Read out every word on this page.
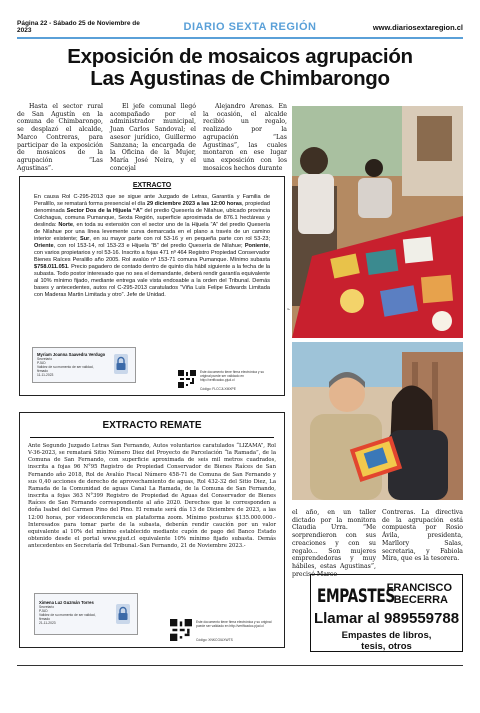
Página 22 - Sábado 25 de Noviembre de 2023	DIARIO SEXTA REGIÓN	www.diariosextaregion.cl
Exposición de mosaicos agrupación
Las Agustinas de Chimbarongo

Hasta el sector rural de San Agustín en la comuna de Chimbarongo, se desplazó el alcalde, Marco Contreras, para participar de la exposición de mosaicos de la agrupación “Las Agustinas”.

El jefe comunal llegó acompañado por el administrador municipal, Juan Carlos Sandoval; el asesor jurídico, Guillermo Sanzana; la encargada de la Oficina de la Mujer, María José Neira, y el concejal

Alejandro Arenas. En la ocasión, el alcalde recibió un regalo, realizado por la agrupación “Las Agustinas”, las cuales montaron en ese lugar una exposición con los mosaicos hechos durante

EXTRACTO
En causa Rol C-295-2013 que se sigue ante Juzgado de Letras, Garantía y Familia de Peralillo, se rematará forma presencial el día 29 diciembre 2023 a las 12:00 horas, propiedad denominada Sector Dos de la Hijuela “A” del predio Quesería de Nilahue, ubicado provincia Colchagua, comuna Pumanque, Sexta Región, superficie aproximada de 876.1 hectáreas y deslinda: Norte, en toda su extensión con el sector uno de la Hijuela “A” del predio Quesería de Nilahue por una línea levemente curva demarcada en el plano a través de un camino interior existente; Sur, en su mayor parte con rol 53-16 y en pequeña parte con rol 53-23; Oriente, con rol 153-14, rol 153-23 e Hijuela “B” del predio Quesería de Nilahue; Poniente, con varios propietarios y rol 53-16. Inscrito a fojas 471 nº 464 Registro Propiedad Conservador Bienes Raíces Peralillo año 2005. Rol avalúo nº 153-71 comuna Pumanque. Mínimo subasta $758.011.051. Precio pagadero de contado dentro de quinto día hábil siguiente a la fecha de la subasta. Todo postor interesado que no sea el demandante, deberá rendir garantía equivalente al 10% mínimo fijado, mediante entrega vale vista endosable a la orden del Tribunal. Demás bases y antecedentes, autos rol C-295-2013 caratulados “Viña Luis Felipe Edwards Limitada con Maderas Martin Limitada y otro”. Jefe de Unidad.
Myriam Joanna Saavedra Verdugo
Secretario
PJUD
Validez de su momento de ser validad, firmado
11-11-2023
Este documento tiene firma electrónica y su original puede ser validado en http://verificadoc.pjud.cl
Código: FLCCJLXMXPE
EXTRACTO REMATE
Ante Segundo Juzgado Letras San Fernando, Autos voluntarios caratulados “LIZAMA”, Rol V-36-2023, se rematará Sitio Número Diez del Proyecto de Parcelación “la Ramada”, de la Comuna de San Fernando, con superficie aproximada de seis mil metros cuadrados, inscrita a fojas 96 N°95 Registro de Propiedad Conservador de Bienes Raíces de San Fernando año 2018, Rol de Avalúo Fiscal Número 458-71 de Comuna de San Fernando y sus 0,40 acciones de derecho de aprovechamiento de aguas, Rol 432-32 del Sitio Diez, La Ramada de la Comunidad de aguas Canal La Ramada, de la Comuna de San Fernando, inscrita a fojas 363 N°399 Registro de Propiedad de Aguas del Conservador de Bienes Raíces de San Fernando correspondiente al año 2020. Derechos que le corresponden a doña Isabel del Carmen Pino del Pino. El remate será día 13 de Diciembre de 2023, a las 12:00 horas, por videoconferencia en plataforma zoom. Mínimo posturas $135.000.000.- Interesados para tomar parte de la subasta, deberán rendir caución por un valor equivalente al 10% del mínimo establecido mediante cupón de pago del Banco Estado obtenido desde el portal www.pjud.cl equivalente 10% mínimo fijado subasta. Demás antecedentes en Secretaría del Tribunal.-San Fernando, 21 de Noviembre 2023.-
Ximena Luz Guzmán Torres
Secretario
PJUD
Validez de su momento de ser validad, firmado
21-11-2023	Este documento tiene firma electrónica y su original puede ser validado en http://verificadoc.pjud.cl
Código: XNKCGIUXWTS
F

el año, en un taller dictado por la monitora Claudia Urra. “Me sorprendieron con sus creaciones y con su regalo... Son mujeres emprendedoras y muy hábiles, estas Agustinas”, precisó Marco

Contreras. La directiva de la agrupación está compuesta por Rosio Ávila, presidenta, Marllory Salas, secretaria, y Fabiola Mira, que es la tesorera.

EMPASTES
FRANCISCO
BECERRA
Llamar al 989559788
Empastes de libros,
tesis, otros
